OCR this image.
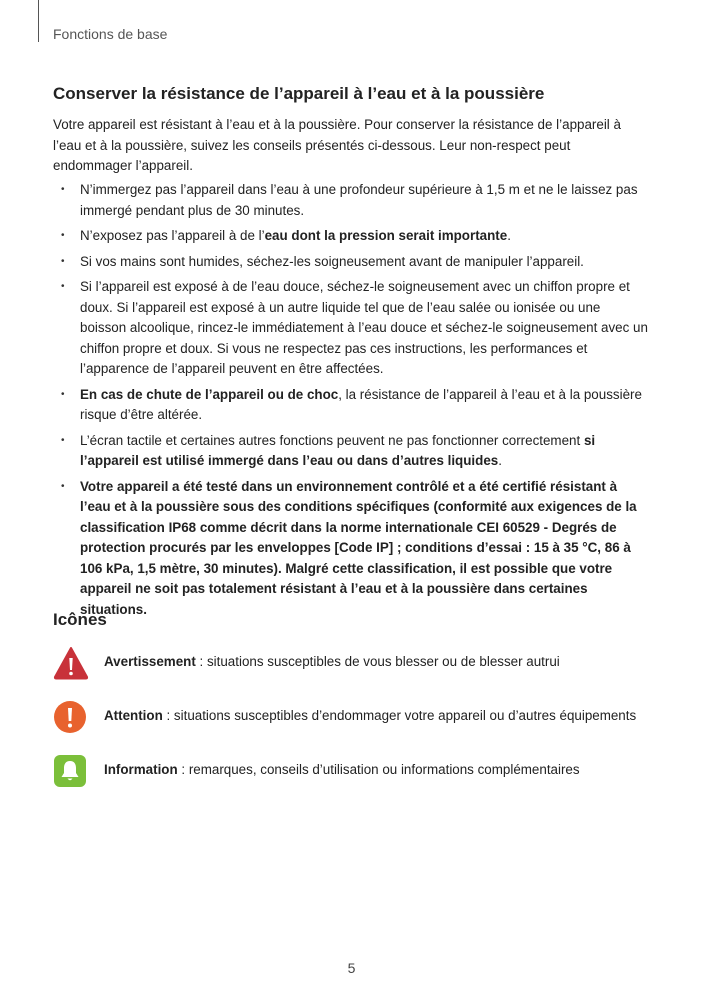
Fonctions de base
Conserver la résistance de l’appareil à l’eau et à la poussière

Votre appareil est résistant à l’eau et à la poussière. Pour conserver la résistance de l’appareil à l’eau et à la poussière, suivez les conseils présentés ci-dessous. Leur non-respect peut endommager l’appareil.

• N’immergez pas l’appareil dans l’eau à une profondeur supérieure à 1,5 m et ne le laissez pas immergé pendant plus de 30 minutes.
• N’exposez pas l’appareil à de l’eau dont la pression serait importante.
• Si vos mains sont humides, séchez-les soigneusement avant de manipuler l’appareil.
• Si l’appareil est exposé à de l’eau douce, séchez-le soigneusement avec un chiffon propre et doux. Si l’appareil est exposé à un autre liquide tel que de l’eau salée ou ionisée ou une boisson alcoolique, rincez-le immédiatement à l’eau douce et séchez-le soigneusement avec un chiffon propre et doux. Si vous ne respectez pas ces instructions, les performances et l’apparence de l’appareil peuvent en être affectées.
• En cas de chute de l’appareil ou de choc, la résistance de l’appareil à l’eau et à la poussière risque d’être altérée.
• L’écran tactile et certaines autres fonctions peuvent ne pas fonctionner correctement si l’appareil est utilisé immergé dans l’eau ou dans d’autres liquides.
• Votre appareil a été testé dans un environnement contrôlé et a été certifié résistant à l’eau et à la poussière sous des conditions spécifiques (conformité aux exigences de la classification IP68 comme décrit dans la norme internationale CEI 60529 - Degrés de protection procurés par les enveloppes [Code IP] ; conditions d’essai : 15 à 35 °C, 86 à 106 kPa, 1,5 mètre, 30 minutes). Malgré cette classification, il est possible que votre appareil ne soit pas totalement résistant à l’eau et à la poussière dans certaines situations.
Icônes
Avertissement : situations susceptibles de vous blesser ou de blesser autrui
Attention : situations susceptibles d’endommager votre appareil ou d’autres équipements
Information : remarques, conseils d’utilisation ou informations complémentaires
5
